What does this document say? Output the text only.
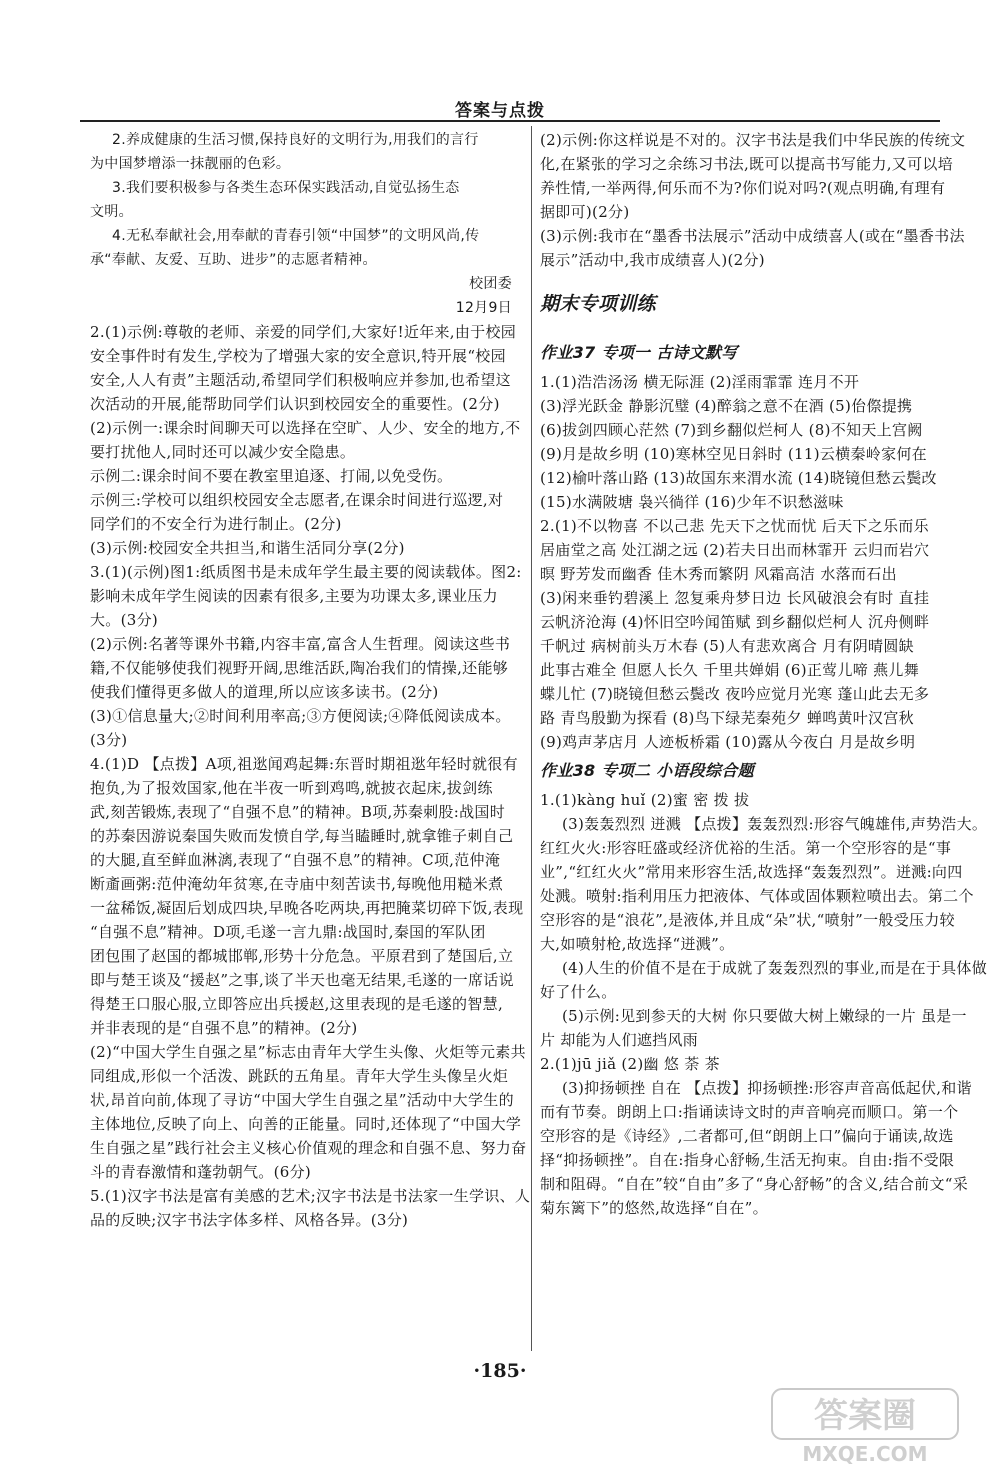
答案与点拨
2.养成健康的生活习惯,保持良好的文明行为,用我们的言行
为中国梦增添一抹靓丽的色彩。
3.我们要积极参与各类生态环保实践活动,自觉弘扬生态
文明。
4.无私奉献社会,用奉献的青春引领“中国梦”的文明风尚,传
承“奉献、友爱、互助、进步”的志愿者精神。
校团委
12月9日
2.(1)示例:尊敬的老师、亲爱的同学们,大家好!近年来,由于校园
安全事件时有发生,学校为了增强大家的安全意识,特开展“校园
安全,人人有责”主题活动,希望同学们积极响应并参加,也希望这
次活动的开展,能帮助同学们认识到校园安全的重要性。(2分)
(2)示例一:课余时间聊天可以选择在空旷、人少、安全的地方,不
要打扰他人,同时还可以减少安全隐患。
示例二:课余时间不要在教室里追逐、打闹,以免受伤。
示例三:学校可以组织校园安全志愿者,在课余时间进行巡逻,对
同学们的不安全行为进行制止。(2分)
(3)示例:校园安全共担当,和谐生活同分享(2分)
3.(1)(示例)图1:纸质图书是未成年学生最主要的阅读载体。图2:
影响未成年学生阅读的因素有很多,主要为功课太多,课业压力
大。(3分)
(2)示例:名著等课外书籍,内容丰富,富含人生哲理。阅读这些书
籍,不仅能够使我们视野开阔,思维活跃,陶冶我们的情操,还能够
使我们懂得更多做人的道理,所以应该多读书。(2分)
(3)①信息量大;②时间利用率高;③方便阅读;④降低阅读成本。
(3分)
4.(1)D 【点拨】A项,祖逖闻鸡起舞:东晋时期祖逖年轻时就很有
抱负,为了报效国家,他在半夜一听到鸡鸣,就披衣起床,拔剑练
武,刻苦锻炼,表现了“自强不息”的精神。B项,苏秦刺股:战国时
的苏秦因游说秦国失败而发愤自学,每当瞌睡时,就拿锥子刺自己
的大腿,直至鲜血淋漓,表现了“自强不息”的精神。C项,范仲淹
断齑画粥:范仲淹幼年贫寒,在寺庙中刻苦读书,每晚他用糙米煮
一盆稀饭,凝固后划成四块,早晚各吃两块,再把腌菜切碎下饭,表现
“自强不息”精神。D项,毛遂一言九鼎:战国时,秦国的军队团
团包围了赵国的都城邯郸,形势十分危急。平原君到了楚国后,立
即与楚王谈及“援赵”之事,谈了半天也毫无结果,毛遂的一席话说
得楚王口服心服,立即答应出兵援赵,这里表现的是毛遂的智慧,
并非表现的是“自强不息”的精神。(2分)
(2)“中国大学生自强之星”标志由青年大学生头像、火炬等元素共
同组成,形似一个活泼、跳跃的五角星。青年大学生头像呈火炬
状,昂首向前,体现了寻访“中国大学生自强之星”活动中大学生的
主体地位,反映了向上、向善的正能量。同时,还体现了“中国大学
生自强之星”践行社会主义核心价值观的理念和自强不息、努力奋
斗的青春激情和蓬勃朝气。(6分)
5.(1)汉字书法是富有美感的艺术;汉字书法是书法家一生学识、人
品的反映;汉字书法字体多样、风格各异。(3分)
(2)示例:你这样说是不对的。汉字书法是我们中华民族的传统文
化,在紧张的学习之余练习书法,既可以提高书写能力,又可以培
养性情,一举两得,何乐而不为?你们说对吗?(观点明确,有理有
据即可)(2分)
(3)示例:我市在“墨香书法展示”活动中成绩喜人(或在“墨香书法
展示”活动中,我市成绩喜人)(2分)
期末专项训练
作业37 专项一 古诗文默写
1.(1)浩浩汤汤 横无际涯 (2)淫雨霏霏 连月不开
(3)浮光跃金 静影沉璧 (4)醉翁之意不在酒 (5)佁傺提携
(6)拔剑四顾心茫然 (7)到乡翻似烂柯人 (8)不知天上宫阙
(9)月是故乡明 (10)寒林空见日斜时 (11)云横秦岭家何在
(12)榆叶落山路 (13)故国东来渭水流 (14)晓镜但愁云鬓改
(15)水满陂塘 袅兴徜徉 (16)少年不识愁滋味
2.(1)不以物喜 不以己悲 先天下之忧而忧 后天下之乐而乐
居庙堂之高 处江湖之远 (2)若夫日出而林霏开 云归而岩穴
暝 野芳发而幽香 佳木秀而繁阴 风霜高洁 水落而石出
(3)闲来垂钓碧溪上 忽复乘舟梦日边 长风破浪会有时 直挂
云帆济沧海 (4)怀旧空吟闻笛赋 到乡翻似烂柯人 沉舟侧畔
千帆过 病树前头万木春 (5)人有悲欢离合 月有阴晴圆缺
此事古难全 但愿人长久 千里共婵娟 (6)正莺儿啼 燕儿舞
蝶儿忙 (7)晓镜但愁云鬓改 夜吟应觉月光寒 蓬山此去无多
路 青鸟殷勤为探看 (8)鸟下绿芜秦苑夕 蝉鸣黄叶汉宫秋
(9)鸡声茅店月 人迹板桥霜 (10)露从今夜白 月是故乡明
作业38 专项二 小语段综合题
1.(1)kàng huǐ (2)蜜 密 拨 拔
(3)轰轰烈烈 迸溅 【点拨】轰轰烈烈:形容气魄雄伟,声势浩大。
红红火火:形容旺盛或经济优裕的生活。第一个空形容的是“事
业”,“红红火火”常用来形容生活,故选择“轰轰烈烈”。迸溅:向四
处溅。喷射:指利用压力把液体、气体或固体颗粒喷出去。第二个
空形容的是“浪花”,是液体,并且成“朵”状,“喷射”一般受压力较
大,如喷射枪,故选择“迸溅”。
(4)人生的价值不是在于成就了轰轰烈烈的事业,而是在于具体做
好了什么。
(5)示例:见到参天的大树 你只要做大树上嫩绿的一片 虽是一
片 却能为人们遮挡风雨
2.(1)jū jiǎ (2)幽 悠 荼 茶
(3)抑扬顿挫 自在 【点拨】抑扬顿挫:形容声音高低起伏,和谐
而有节奏。朗朗上口:指诵读诗文时的声音响亮而顺口。第一个
空形容的是《诗经》,二者都可,但“朗朗上口”偏向于诵读,故选
择“抑扬顿挫”。自在:指身心舒畅,生活无拘束。自由:指不受限
制和阻碍。“自在”较“自由”多了“身心舒畅”的含义,结合前文“采
菊东篱下”的悠然,故选择“自在”。
·185·
答案圈
MXQE.COM
